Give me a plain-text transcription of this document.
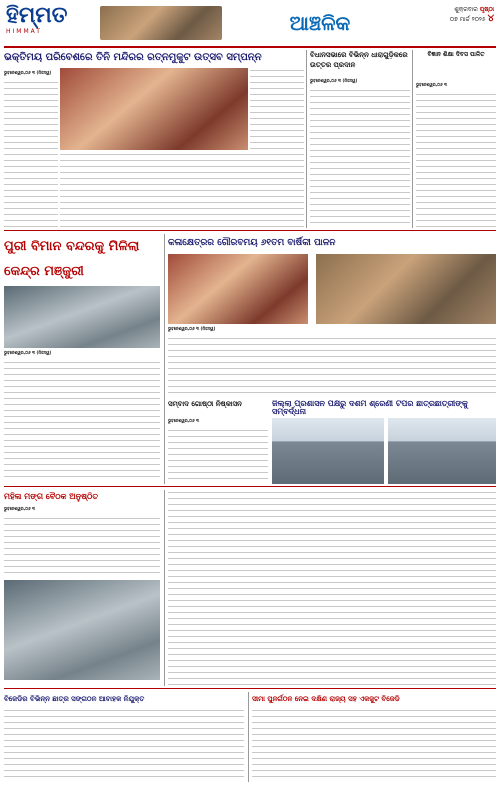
ହିମ୍ମତ
HIMMAT	ଆଞ୍ଚଳିକ
ଶୁକ୍ରବାର ପୃଷ୍ଠା
୦୭ ମାର୍ଚ୍ଚ ୨୦୨୫ ୪
ଭକ୍ତିମୟ ପରିବେଶରେ ତିନି ମନ୍ଦିରର ରତ୍ନମୁକୁଟ ଉତ୍ସବ ସମ୍ପନ୍ନ
ଭୁବନେଶ୍ୱର,୦୬ ୩ (ନିଜସ୍ୱ)
ବିଧାନସଭାରେ ବିଭିନ୍ନ ଧାରାଗୁଡ଼ିକରେ ଉତ୍ତର ପ୍ରଦାନ
ଭୁବନେଶ୍ୱର,୦୬ ୩ (ନିଜସ୍ୱ)
ବିଜ୍ଞାନ ଶିକ୍ଷା ଦିବସ ପାଳିତ
ଭୁବନେଶ୍ୱର,୦୬ ୩
ପୁରୀ ବିମାନ ବନ୍ଦରକୁ ମିଳିଲା କେନ୍ଦ୍ର ମଞ୍ଜୁରୀ
ଭୁବନେଶ୍ୱର,୦୬ ୩ (ନିଜସ୍ୱ)
କଳାକ୍ଷେତ୍ରର ଗୌରବମୟ ୬୧ତମ ବାର୍ଷିକୀ ପାଳନ
ଭୁବନେଶ୍ୱର,୦୬ ୩ (ନିଜସ୍ୱ)
ସମ୍ବାଦ ଗୋଷ୍ଠୀ ନିଷ୍କାସନ
ଭୁବନେଶ୍ୱର,୦୬ ୩
ଜିଲ୍ଲା ପ୍ରଶାସନ ପକ୍ଷରୁ ଦଶମ ଶ୍ରେଣୀ ଟପର ଛାତ୍ରଛାତ୍ରୀଙ୍କୁ ସମ୍ବର୍ଦ୍ଧନା
ମହିଳା ମଙ୍ଗ ବୈଠକ ଅନୁଷ୍ଠିତ
ଭୁବନେଶ୍ୱର,୦୬ ୩
ବିଜେଡିର ବିଭିନ୍ନ ଛାତ୍ର ସଙ୍ଗଠନ ଆବାହକ ନିଯୁକ୍ତ	ସୀମା ପୁନର୍ଗଠନ ନେଇ ଦକ୍ଷିଣ ରାଜ୍ୟ ସହ ଏକଜୁଟ ବିଜେଡି
